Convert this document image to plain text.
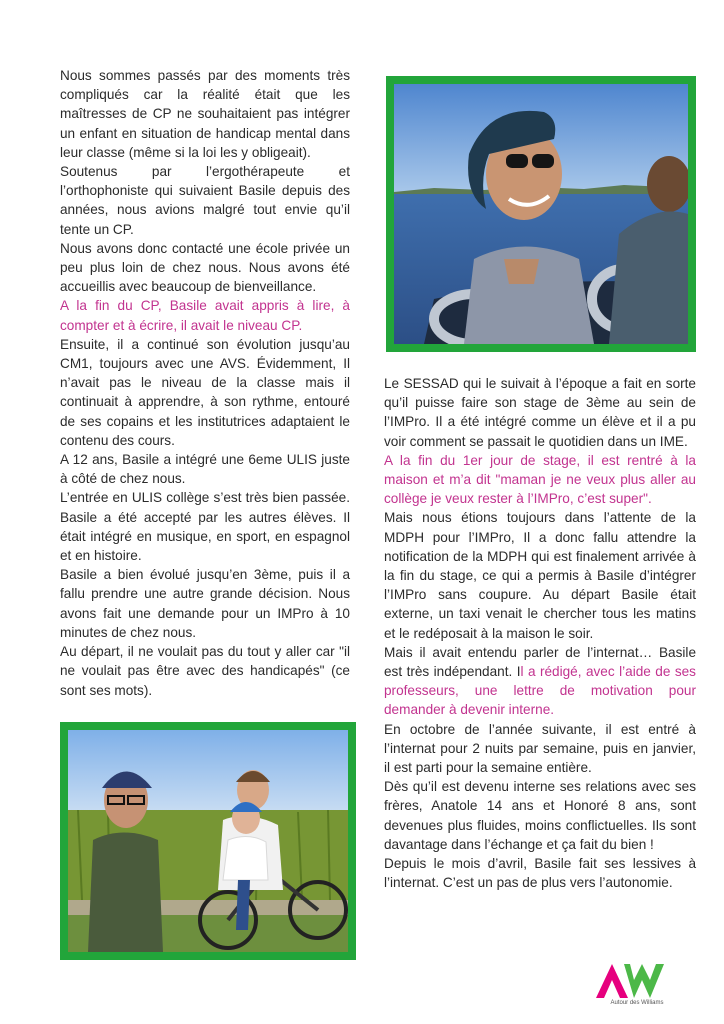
Nous sommes passés par des moments très compliqués car la réalité était que les maîtresses de CP ne souhaitaient pas intégrer un enfant en situation de handicap mental dans leur classe (même si la loi les y obligeait).

Soutenus par l’ergothérapeute et l’orthophoniste qui suivaient Basile depuis des années, nous avions malgré tout envie qu’il tente un CP.

Nous avons donc contacté une école privée un peu plus loin de chez nous. Nous avons été accueillis avec beaucoup de bienveillance.

A la fin du CP, Basile avait appris à lire, à compter et à écrire, il avait le niveau CP.

Ensuite, il a continué son évolution jusqu’au CM1, toujours avec une AVS. Évidemment, Il n’avait pas le niveau de la classe mais il continuait à apprendre, à son rythme, entouré de ses copains et les institutrices adaptaient le contenu des cours.

A 12 ans, Basile a intégré une 6eme ULIS juste à côté de chez nous.

L’entrée en ULIS collège s’est très bien passée. Basile a été accepté par les autres élèves. Il était intégré en musique, en sport, en espagnol et en histoire.

Basile a bien évolué jusqu’en 3ème, puis il a fallu prendre une autre grande décision. Nous avons fait une demande pour un IMPro à 10 minutes de chez nous.

Au départ, il ne voulait pas du tout y aller car "il ne voulait pas être avec des handicapés" (ce sont ses mots).

Le SESSAD qui le suivait à l’époque a fait en sorte qu’il puisse faire son stage de 3ème au sein de l’IMPro. Il a été intégré comme un élève et il a pu voir comment se passait le quotidien dans un IME.

A la fin du 1er jour de stage, il est rentré à la maison et m’a dit "maman je ne veux plus aller au collège je veux rester à l’IMPro, c’est super".

Mais nous étions toujours dans l’attente de la MDPH pour l’IMPro, Il a donc fallu attendre la notification de la MDPH qui est finalement arrivée à la fin du stage, ce qui a permis à Basile d’intégrer l’IMPro sans coupure. Au départ Basile était externe, un taxi venait le chercher tous les matins et le redéposait à la maison le soir.

Mais il avait entendu parler de l’internat… Basile est très indépendant. Il a rédigé, avec l’aide de ses professeurs, une lettre de motivation pour demander à devenir interne.

En octobre de l’année suivante, il est entré à l’internat pour 2 nuits par semaine, puis en janvier, il est parti pour la semaine entière.

Dès qu’il est devenu interne ses relations avec ses frères, Anatole 14 ans et Honoré 8 ans, sont devenues plus fluides, moins conflictuelles. Ils sont davantage dans l’échange et ça fait du bien !

Depuis le mois d’avril, Basile fait ses lessives à l’internat. C’est un pas de plus vers l’autonomie.

AW
Autour des Williams
